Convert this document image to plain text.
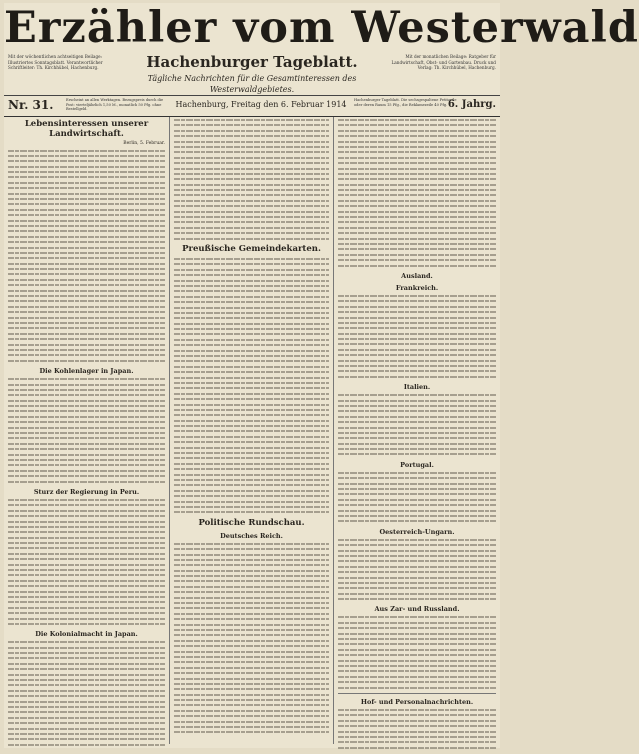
Erzähler vom Westerwald
Mit der wöchentlichen achtseitigen Beilage: Illustriertes Sonntagsblatt. Verantwortlicher Schriftleiter: Th. Kirchhübel, Hachenburg.	Hachenburger Tageblatt.
Tägliche Nachrichten für die Gesamtinteressen des Westerwaldgebietes.
Mit der monatlichen Beilage: Ratgeber für Landwirtschaft, Obst- und Gartenbau. Druck und Verlag: Th. Kirchhübel, Hachenburg.
Nr. 31.	Erscheint an allen Werktagen. Bezugspreis durch die Post: vierteljährlich 1,50 M., monatlich 50 Pfg. ohne Bestellgeld.
Hachenburg, Freitag den 6. Februar 1914	Hachenburger Tageblatt. Die sechsgespaltene Petitzeile oder deren Raum 15 Pfg., die Reklamezeile 40 Pfg. 6. Jahrg.
Lebensinteressen unserer Landwirtschaft.
Berlin, 5. Februar.
Die Kohlenlager in Japan.
Sturz der Regierung in Peru.
Die Kolonialmacht in Japan.
Preußische Gemeindekarten.
Politische Rundschau.
Deutsches Reich.
Ausland.
Frankreich.
Italien.
Portugal.
Oesterreich-Ungarn.
Aus Zar- und Russland.
Hof- und Personalnachrichten.
